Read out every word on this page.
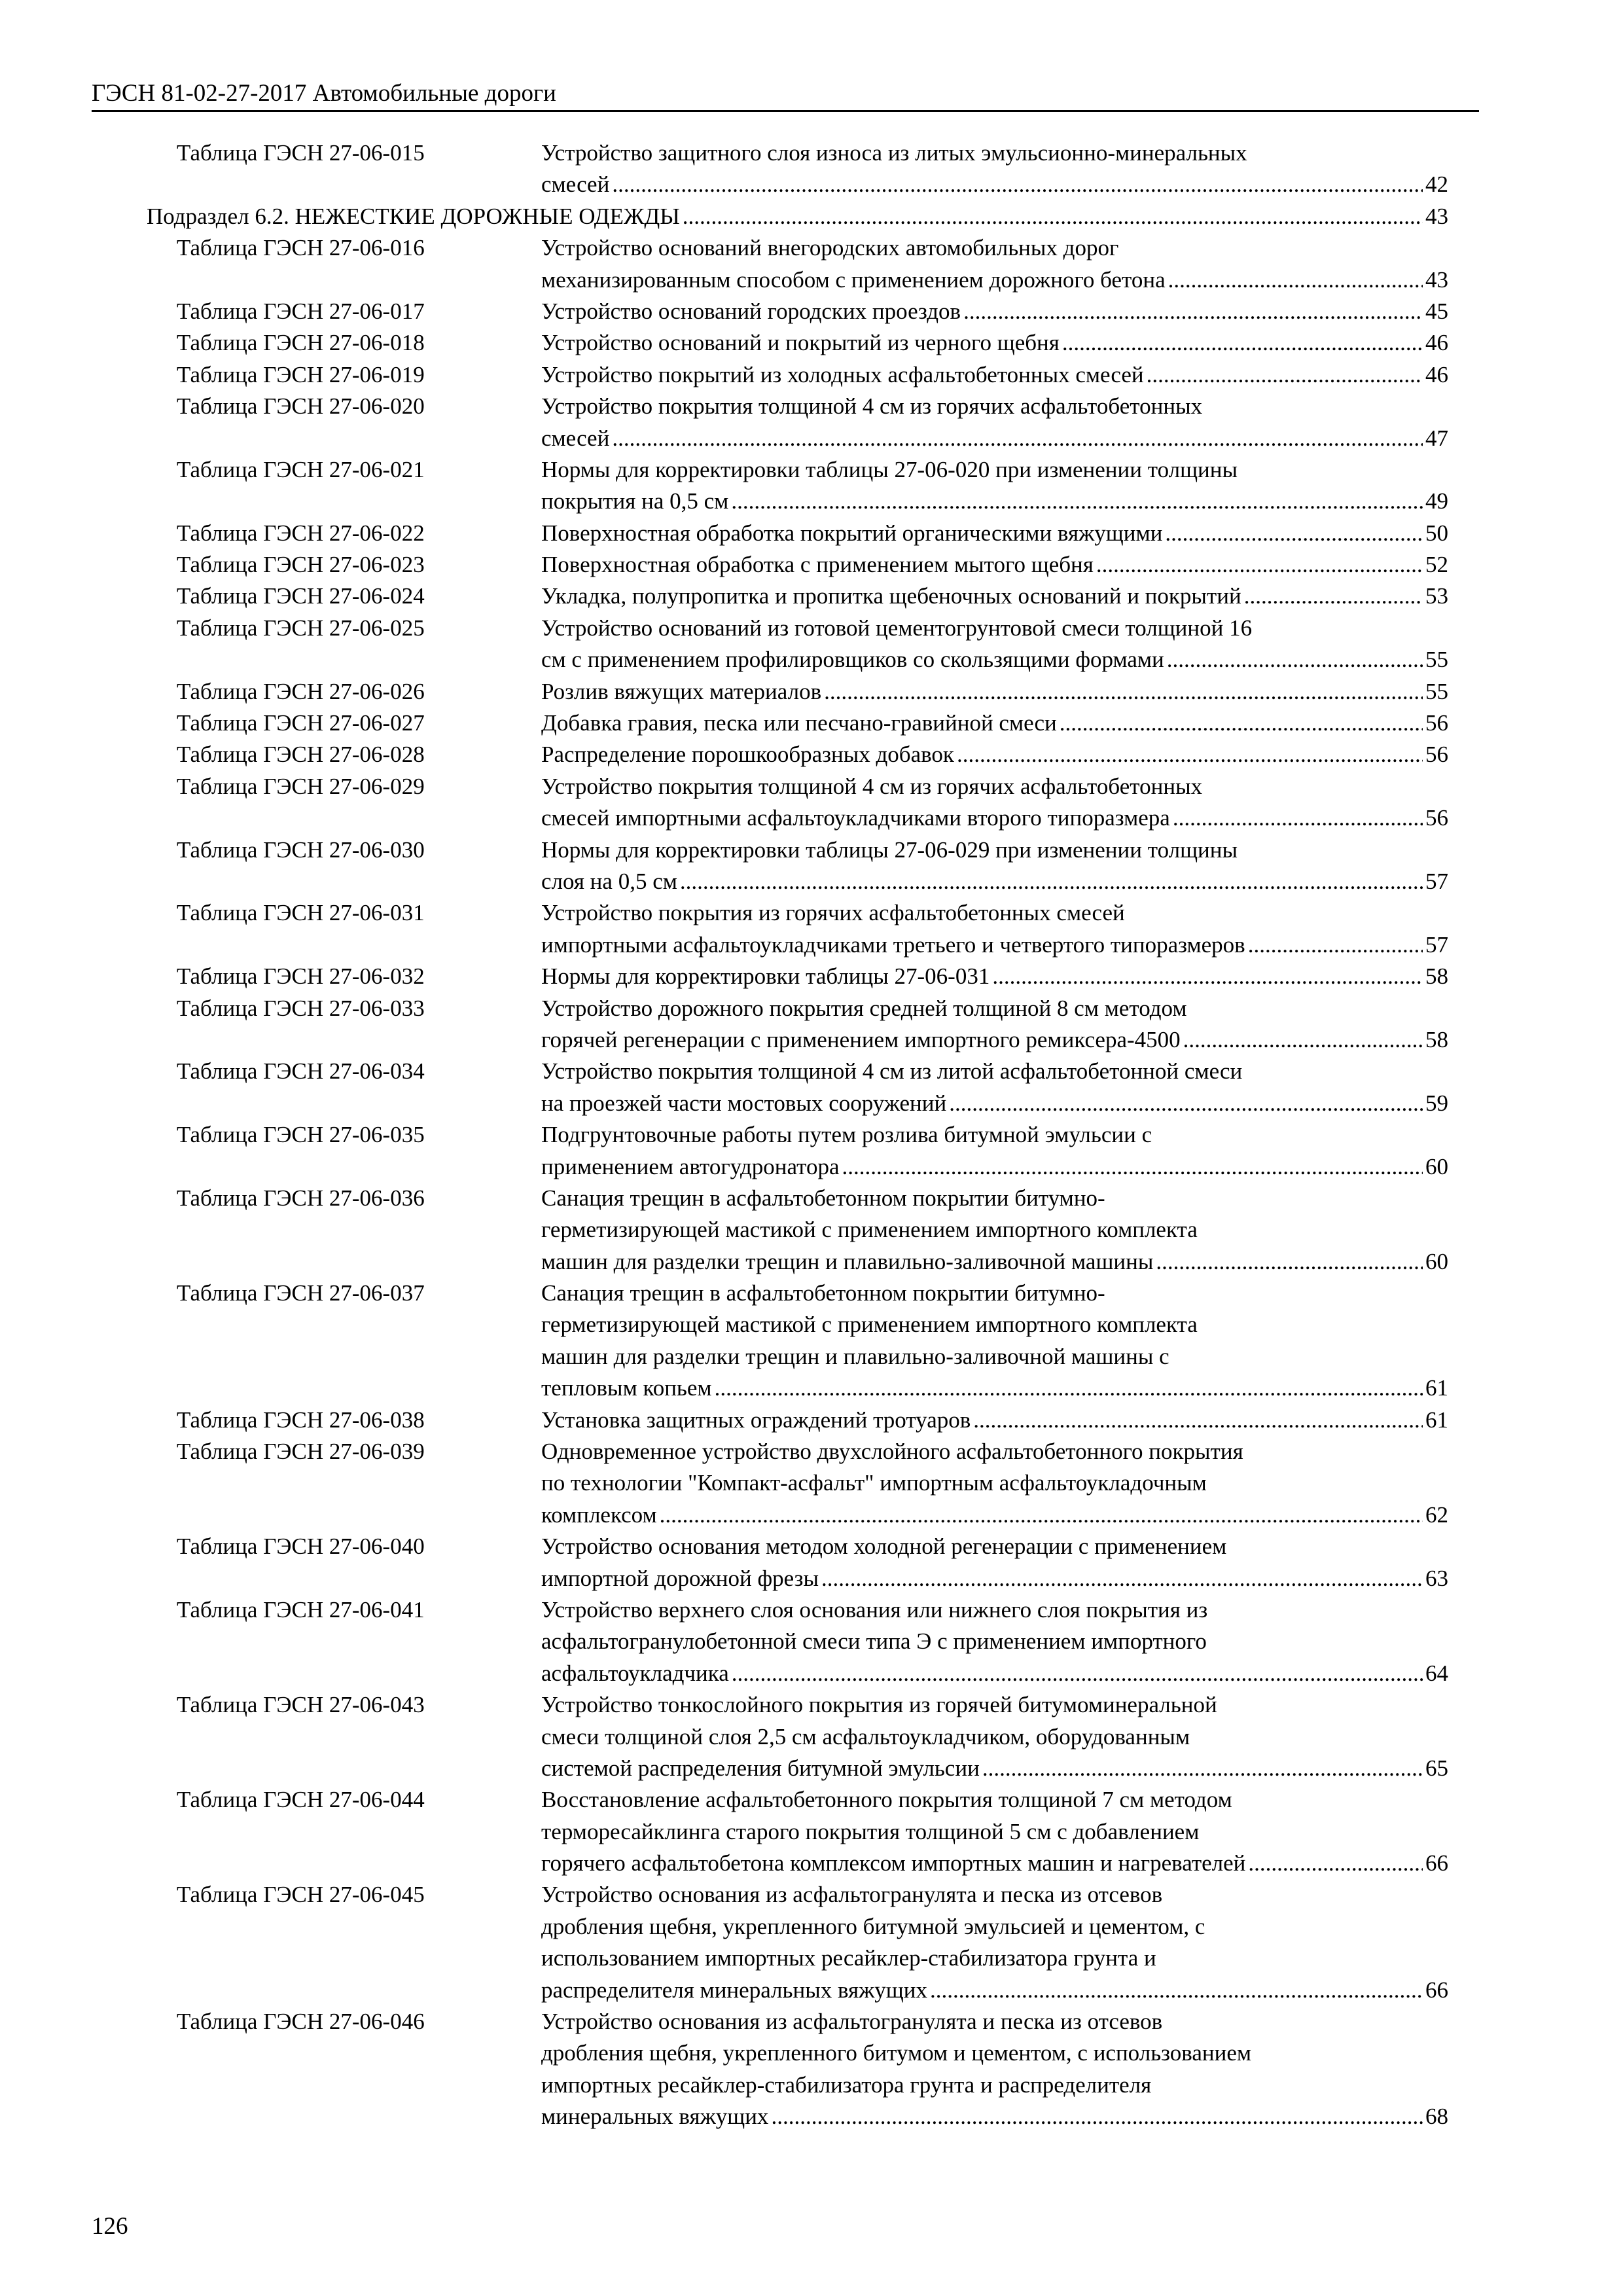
ГЭСН 81-02-27-2017 Автомобильные дороги
Таблица ГЭСН 27-06-015	Устройство защитного слоя износа из литых эмульсионно-минеральных
смесей .....	42
Подраздел 6.2. НЕЖЕСТКИЕ ДОРОЖНЫЕ ОДЕЖДЫ .....	43
Таблица ГЭСН 27-06-016	Устройство оснований внегородских автомобильных дорог
механизированным способом с применением дорожного бетона .....	43
Таблица ГЭСН 27-06-017	Устройство оснований городских проездов .....	45
Таблица ГЭСН 27-06-018	Устройство оснований и покрытий из черного щебня .....	46
Таблица ГЭСН 27-06-019	Устройство покрытий из холодных асфальтобетонных смесей .....	46
Таблица ГЭСН 27-06-020	Устройство покрытия толщиной 4 см из горячих асфальтобетонных
смесей .....	47
Таблица ГЭСН 27-06-021	Нормы для корректировки таблицы 27-06-020 при изменении толщины
покрытия на 0,5 см .....	49
Таблица ГЭСН 27-06-022	Поверхностная обработка покрытий органическими вяжущими .....	50
Таблица ГЭСН 27-06-023	Поверхностная обработка с применением мытого щебня .....	52
Таблица ГЭСН 27-06-024	Укладка, полупропитка и пропитка щебеночных оснований и покрытий .....	53
Таблица ГЭСН 27-06-025	Устройство оснований из готовой цементогрунтовой смеси толщиной 16
см с применением профилировщиков со скользящими формами .....	55
Таблица ГЭСН 27-06-026	Розлив вяжущих материалов .....	55
Таблица ГЭСН 27-06-027	Добавка гравия, песка или песчано-гравийной смеси .....	56
Таблица ГЭСН 27-06-028	Распределение порошкообразных добавок .....	56
Таблица ГЭСН 27-06-029	Устройство покрытия толщиной 4 см из горячих асфальтобетонных
смесей импортными асфальтоукладчиками второго типоразмера .....	56
Таблица ГЭСН 27-06-030	Нормы для корректировки таблицы 27-06-029 при изменении толщины
слоя на 0,5 см .....	57
Таблица ГЭСН 27-06-031	Устройство покрытия из горячих асфальтобетонных смесей
импортными асфальтоукладчиками третьего и четвертого типоразмеров .....	57
Таблица ГЭСН 27-06-032	Нормы для корректировки таблицы 27-06-031 .....	58
Таблица ГЭСН 27-06-033	Устройство дорожного покрытия средней толщиной 8 см методом
горячей регенерации с применением импортного ремиксера-4500 .....	58
Таблица ГЭСН 27-06-034	Устройство покрытия толщиной 4 см из литой асфальтобетонной смеси
на проезжей части мостовых сооружений .....	59
Таблица ГЭСН 27-06-035	Подгрунтовочные работы путем розлива битумной эмульсии с
применением автогудронатора .....	60
Таблица ГЭСН 27-06-036	Санация трещин в асфальтобетонном покрытии битумно-
герметизирующей мастикой с применением импортного комплекта
машин для разделки трещин и плавильно-заливочной машины .....	60
Таблица ГЭСН 27-06-037	Санация трещин в асфальтобетонном покрытии битумно-
герметизирующей мастикой с применением импортного комплекта
машин для разделки трещин и плавильно-заливочной машины с
тепловым копьем .....	61
Таблица ГЭСН 27-06-038	Установка защитных ограждений тротуаров .....	61
Таблица ГЭСН 27-06-039	Одновременное устройство двухслойного асфальтобетонного покрытия
по технологии "Компакт-асфальт" импортным асфальтоукладочным
комплексом .....	62
Таблица ГЭСН 27-06-040	Устройство основания методом холодной регенерации с применением
импортной дорожной фрезы .....	63
Таблица ГЭСН 27-06-041	Устройство верхнего слоя основания или нижнего слоя покрытия из
асфальтогранулобетонной смеси типа Э с применением импортного
асфальтоукладчика .....	64
Таблица ГЭСН 27-06-043	Устройство тонкослойного покрытия из горячей битумоминеральной
смеси толщиной слоя 2,5 см асфальтоукладчиком, оборудованным
системой распределения битумной эмульсии .....	65
Таблица ГЭСН 27-06-044	Восстановление асфальтобетонного покрытия толщиной 7 см методом
терморесайклинга старого покрытия толщиной 5 см с добавлением
горячего асфальтобетона комплексом импортных машин и нагревателей .....	66
Таблица ГЭСН 27-06-045	Устройство основания из асфальтогранулята и песка из отсевов
дробления щебня, укрепленного битумной эмульсией и цементом, с
использованием импортных ресайклер-стабилизатора грунта и
распределителя минеральных вяжущих .....	66
Таблица ГЭСН 27-06-046	Устройство основания из асфальтогранулята и песка из отсевов
дробления щебня, укрепленного битумом и цементом, с использованием
импортных ресайклер-стабилизатора грунта и распределителя
минеральных вяжущих .....	68
126
